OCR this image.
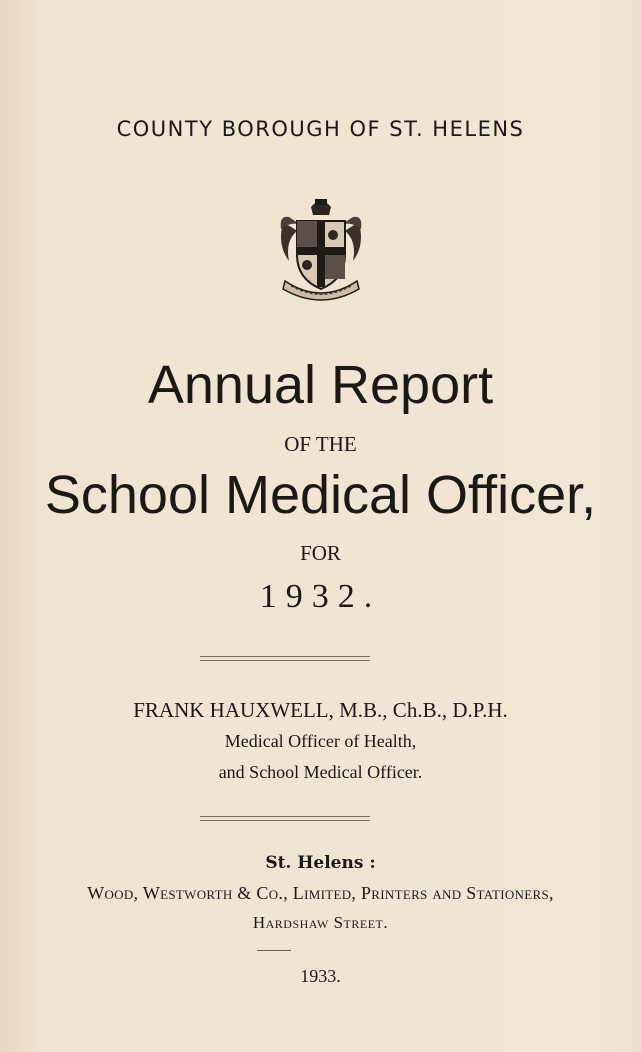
COUNTY BOROUGH OF ST. HELENS
Annual Report
OF THE
School Medical Officer,
FOR
1932.
FRANK HAUXWELL, M.B., Ch.B., D.P.H.
Medical Officer of Health,
and School Medical Officer.
St. Helens :
Wood, Westworth & Co., Limited, Printers and Stationers,
Hardshaw Street.
1933.
